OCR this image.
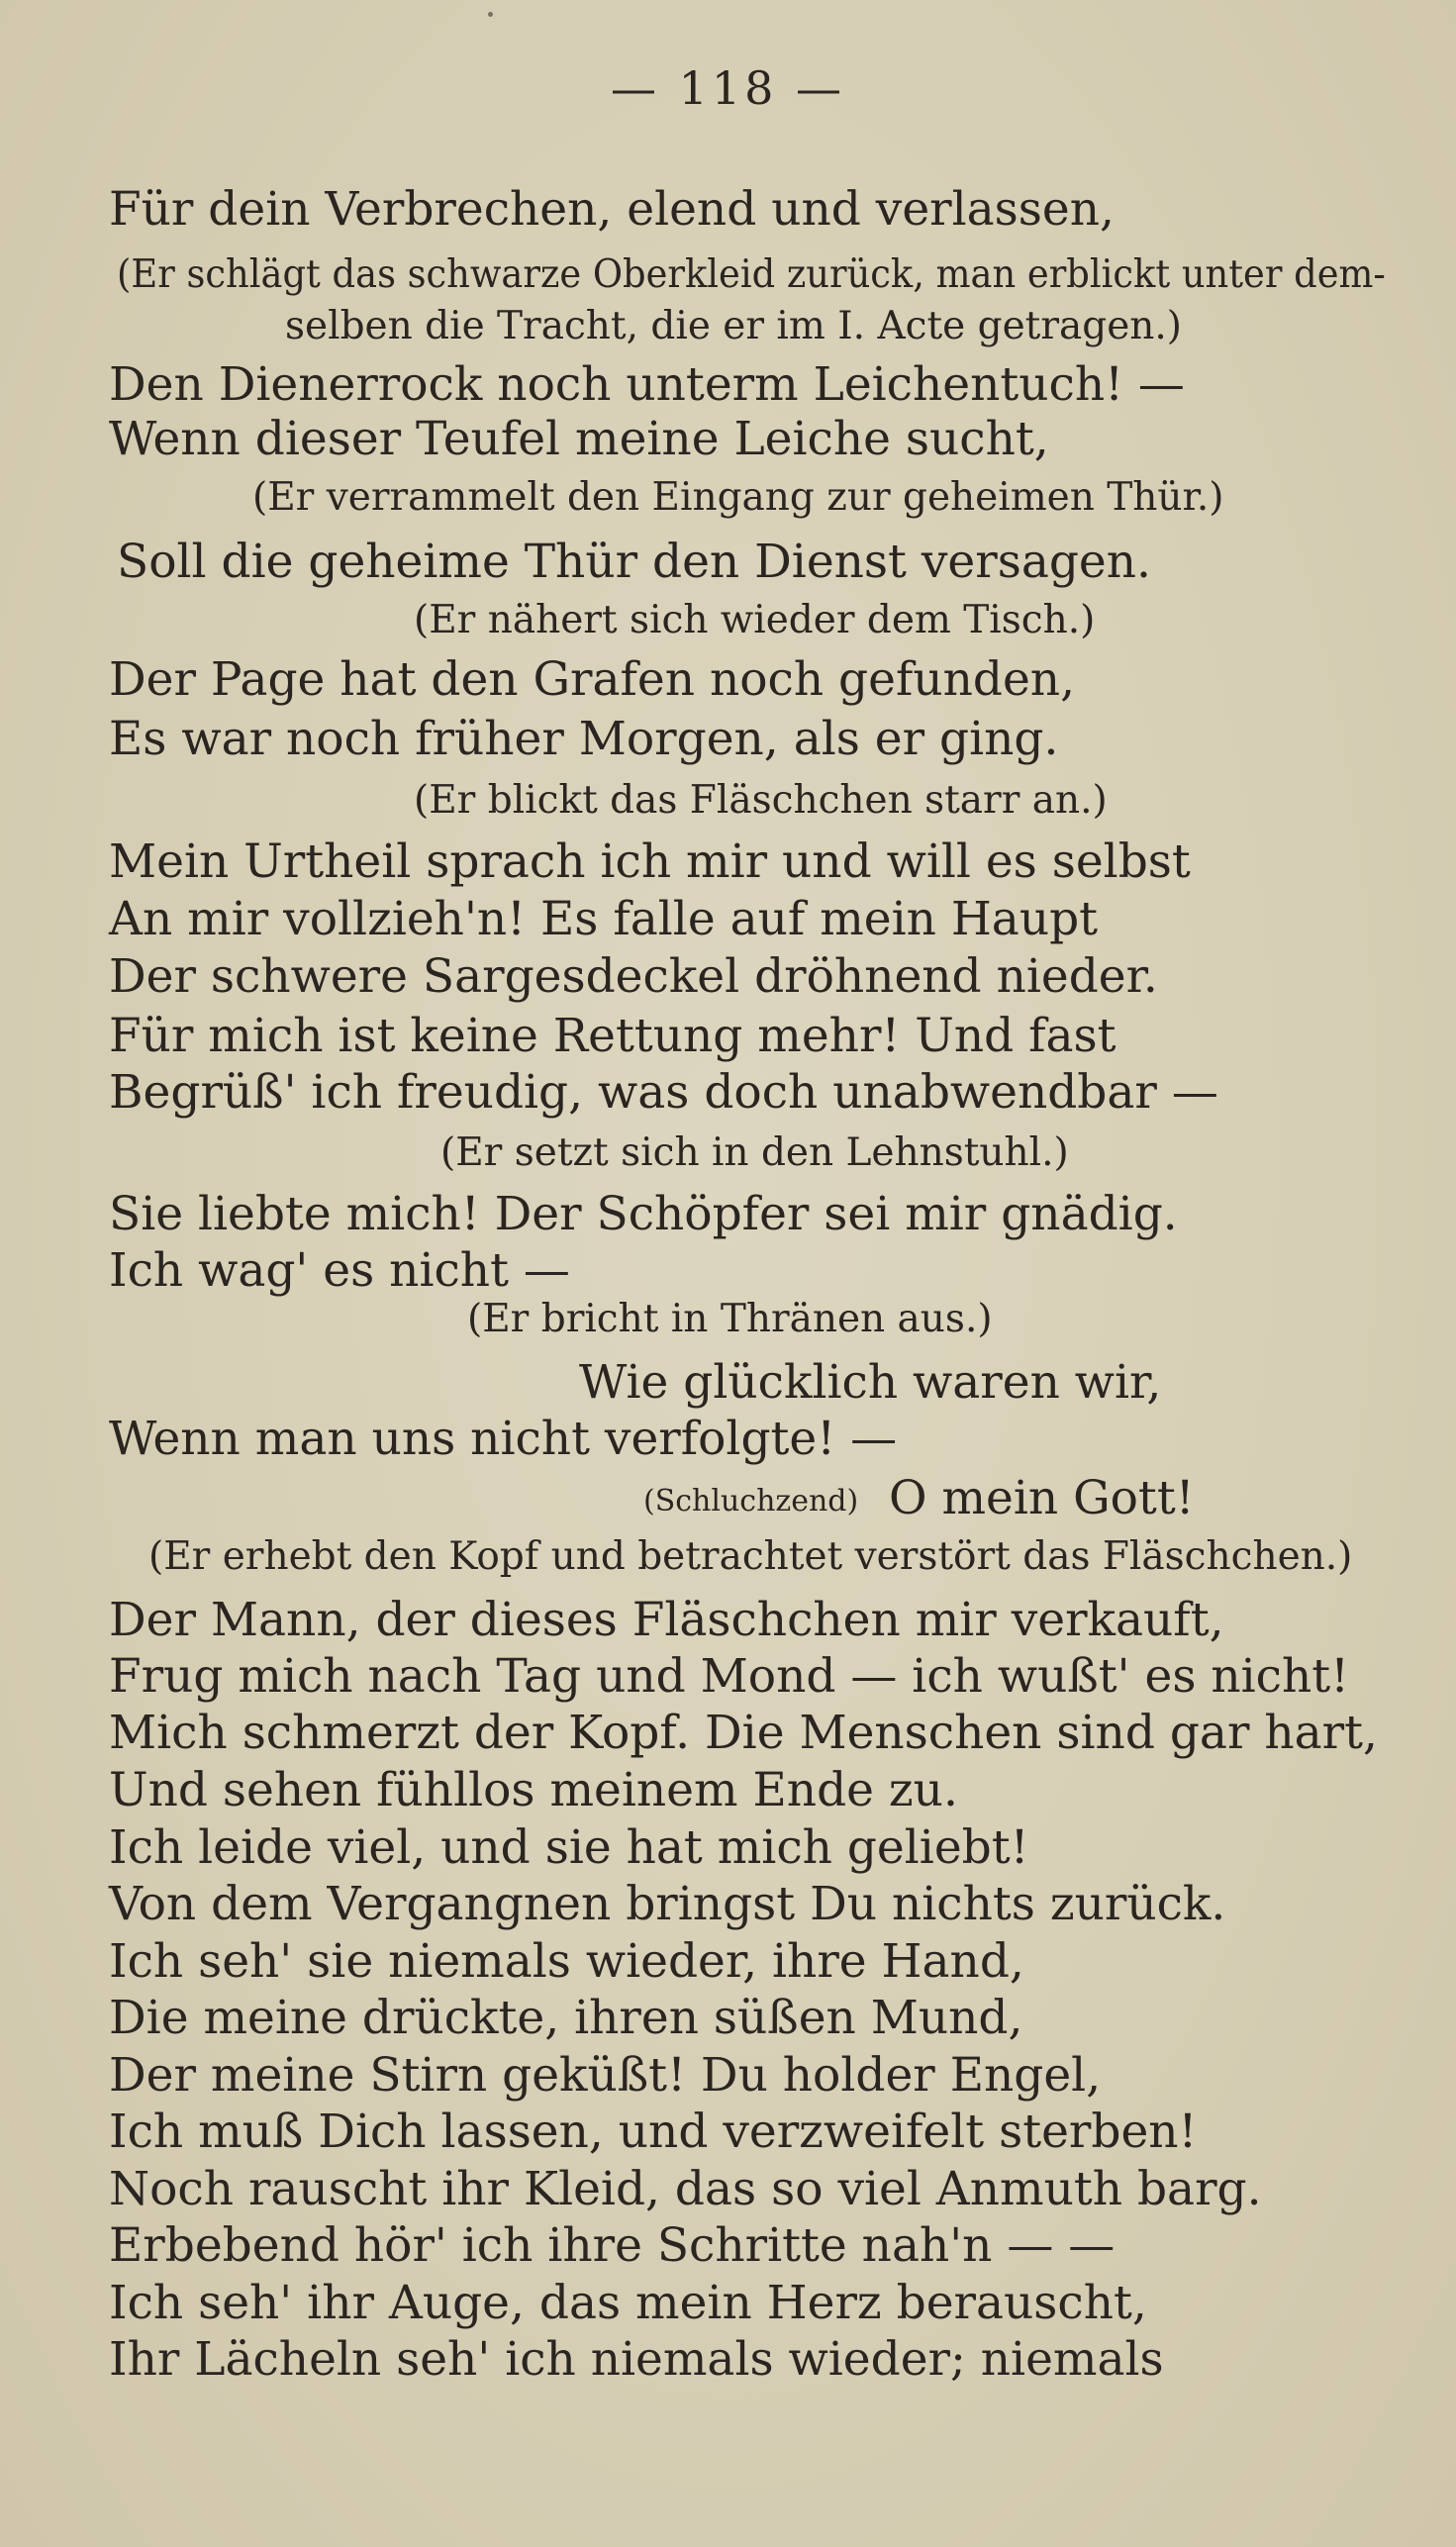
— 118 —
Für dein Verbrechen, elend und verlassen,
(Er schlägt das schwarze Oberkleid zurück, man erblickt unter dem-
selben die Tracht, die er im I. Acte getragen.)
Den Dienerrock noch unterm Leichentuch! —
Wenn dieser Teufel meine Leiche sucht,
(Er verrammelt den Eingang zur geheimen Thür.)
Soll die geheime Thür den Dienst versagen.
(Er nähert sich wieder dem Tisch.)
Der Page hat den Grafen noch gefunden,
Es war noch früher Morgen, als er ging.
(Er blickt das Fläschchen starr an.)
Mein Urtheil sprach ich mir und will es selbst
An mir vollzieh'n! Es falle auf mein Haupt
Der schwere Sargesdeckel dröhnend nieder.
Für mich ist keine Rettung mehr! Und fast
Begrüß' ich freudig, was doch unabwendbar —
(Er setzt sich in den Lehnstuhl.)
Sie liebte mich! Der Schöpfer sei mir gnädig.
Ich wag' es nicht —
(Er bricht in Thränen aus.)
Wie glücklich waren wir,
Wenn man uns nicht verfolgte! —
(Schluchzend) O mein Gott!
(Er erhebt den Kopf und betrachtet verstört das Fläschchen.)
Der Mann, der dieses Fläschchen mir verkauft,
Frug mich nach Tag und Mond — ich wußt' es nicht!
Mich schmerzt der Kopf. Die Menschen sind gar hart,
Und sehen fühllos meinem Ende zu.
Ich leide viel, und sie hat mich geliebt!
Von dem Vergangnen bringst Du nichts zurück.
Ich seh' sie niemals wieder, ihre Hand,
Die meine drückte, ihren süßen Mund,
Der meine Stirn geküßt! Du holder Engel,
Ich muß Dich lassen, und verzweifelt sterben!
Noch rauscht ihr Kleid, das so viel Anmuth barg.
Erbebend hör' ich ihre Schritte nah'n — —
Ich seh' ihr Auge, das mein Herz berauscht,
Ihr Lächeln seh' ich niemals wieder; niemals
